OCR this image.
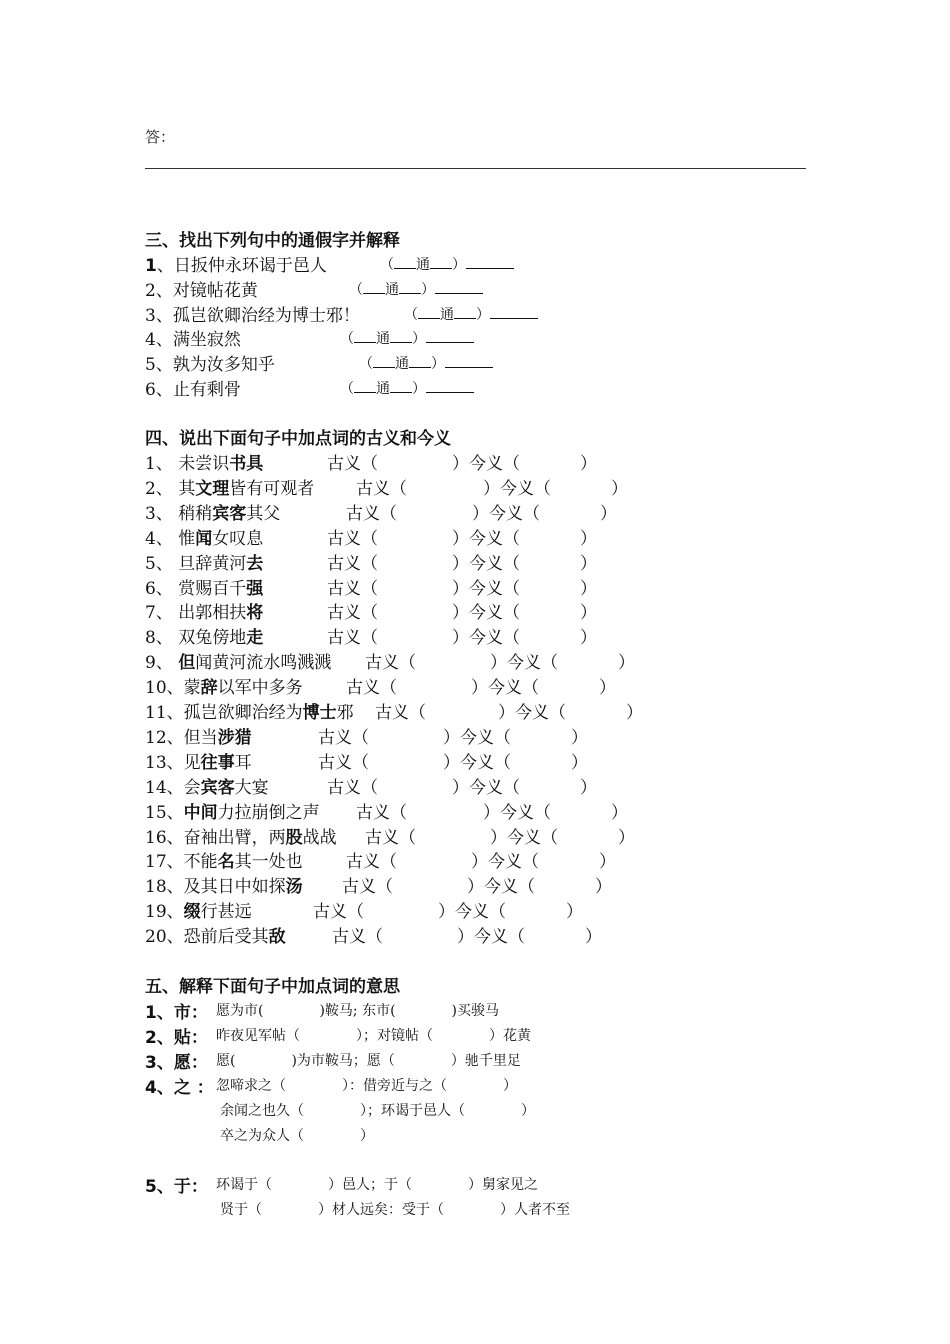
答：
三、找出下列句中的通假字并解释
1、日扳仲永环谒于邑人	（ 通 ）
2、对镜帖花黄	（ 通 ）
3、孤岂欲卿治经为博士邪！	（ 通 ）
4、满坐寂然	（ 通 ）
5、孰为汝多知乎	（ 通 ）
6、止有剩骨	（ 通 ）
四、说出下面句子中加点词的古义和今义
1、 未尝识书具	古义（	）今义（	）
2、 其文理皆有可观者 古义（	）今义（	）
3、 稍稍宾客其父	古义（	）今义（	）
4、 惟闻女叹息	古义（	）今义（	）
5、 旦辞黄河去	古义（	）今义（	）
6、 赏赐百千强	古义（	）今义（	）
7、 出郭相扶将	古义（	）今义（	）
8、 双兔傍地走	古义（	）今义（	）
9、 但闻黄河流水鸣溅溅 古义（	）今义（	）
10、蒙辞以军中多务	古义（	）今义（	）
11、孤岂欲卿治经为博士邪 古义（	）今义（	）
12、但当涉猎	古义（	）今义（	）
13、见往事耳	古义（	）今义（	）
14、会宾客大宴	古义（	）今义（	）
15、中间力拉崩倒之声 古义（	）今义（	）
16、奋袖出臂，两股战战 古义（	）今义（	）
17、不能名其一处也	古义（	）今义（	）
18、及其日中如探汤 古义（	）今义（	）
19、缀行甚远	古义（	）今义（	）
20、恐前后受其敌	古义（	）今义（	）
五、解释下面句子中加点词的意思
1、市： 愿为市(　　　　)鞍马; 东市(　　　　)买骏马
2、贴： 昨夜见军帖（　　　　）；对镜帖（　　　　）花黄
3、愿： 愿(　　　　)为市鞍马；愿（　　　　）驰千里足
4、之 ： 忽啼求之（　　　　）：借旁近与之（　　　　）
余闻之也久（　　　　）；环谒于邑人（　　　　）
卒之为众人（　　　　）
5、于： 环谒于（　　　　）邑人；于（　　　　）舅家见之
贤于（　　　　）材人远矣：受于（　　　　）人者不至
